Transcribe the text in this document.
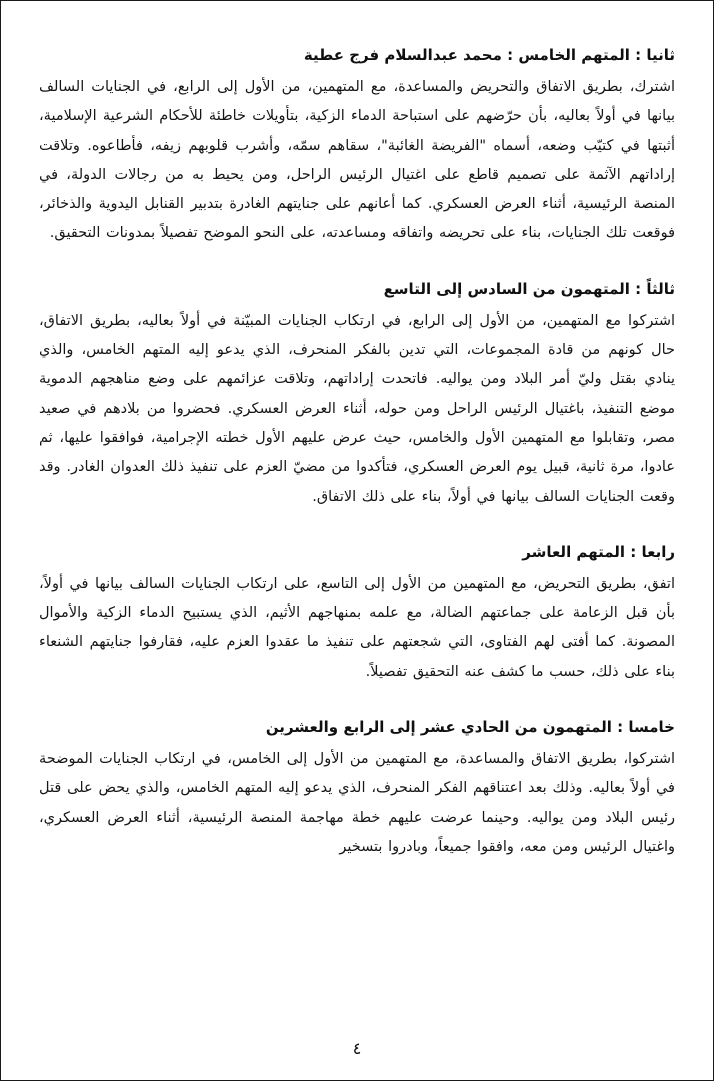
ثانيا : المتهم الخامس : محمد عبدالسلام فرج عطية

اشترك، بطريق الاتفاق والتحريض والمساعدة، مع المتهمين، من الأول إلى الرابع، في الجنايات السالف بيانها في أولاً بعاليه، بأن حرّضهم على استباحة الدماء الزكية، بتأويلات خاطئة للأحكام الشرعية الإسلامية، أثبتها في كتيّب وضعه، أسماه "الفريضة الغائبة"، سقاهم سمّه، وأشرب قلوبهم زيفه، فأطاعوه. وتلاقت إراداتهم الآثمة على تصميم قاطع على اغتيال الرئيس الراحل، ومن يحيط به من رجالات الدولة، في المنصة الرئيسية، أثناء العرض العسكري. كما أعانهم على جنايتهم الغادرة بتدبير القنابل اليدوية والذخائر، فوقعت تلك الجنايات، بناء على تحريضه واتفاقه ومساعدته، على النحو الموضح تفصيلاً بمدونات التحقيق.

ثالثاً : المتهمون من السادس إلى التاسع

اشتركوا مع المتهمين، من الأول إلى الرابع، في ارتكاب الجنايات المبيّنة في أولاً بعاليه، بطريق الاتفاق، حال كونهم من قادة المجموعات، التي تدين بالفكر المنحرف، الذي يدعو إليه المتهم الخامس، والذي ينادي بقتل وليّ أمر البلاد ومن يواليه. فاتحدت إراداتهم، وتلاقت عزائمهم على وضع مناهجهم الدموية موضع التنفيذ، باغتيال الرئيس الراحل ومن حوله، أثناء العرض العسكري. فحضروا من بلادهم في صعيد مصر، وتقابلوا مع المتهمين الأول والخامس، حيث عرض عليهم الأول خطته الإجرامية، فوافقوا عليها، ثم عادوا، مرة ثانية، قبيل يوم العرض العسكري، فتأكدوا من مضيّ العزم على تنفيذ ذلك العدوان الغادر. وقد وقعت الجنايات السالف بيانها في أولاً، بناء على ذلك الاتفاق.

رابعا : المتهم العاشر

اتفق، بطريق التحريض، مع المتهمين من الأول إلى التاسع، على ارتكاب الجنايات السالف بيانها في أولاً، بأن قبل الزعامة على جماعتهم الضالة، مع علمه بمنهاجهم الأثيم، الذي يستبيح الدماء الزكية والأموال المصونة. كما أفتى لهم الفتاوى، التي شجعتهم على تنفيذ ما عقدوا العزم عليه، فقارفوا جنايتهم الشنعاء بناء على ذلك، حسب ما كشف عنه التحقيق تفصيلاً.

خامسا : المتهمون من الحادي عشر إلى الرابع والعشرين

اشتركوا، بطريق الاتفاق والمساعدة، مع المتهمين من الأول إلى الخامس، في ارتكاب الجنايات الموضحة في أولاً بعاليه. وذلك بعد اعتناقهم الفكر المنحرف، الذي يدعو إليه المتهم الخامس، والذي يحض على قتل رئيس البلاد ومن يواليه. وحينما عرضت عليهم خطة مهاجمة المنصة الرئيسية، أثناء العرض العسكري، واغتيال الرئيس ومن معه، وافقوا جميعاً، وبادروا بتسخير

٤
